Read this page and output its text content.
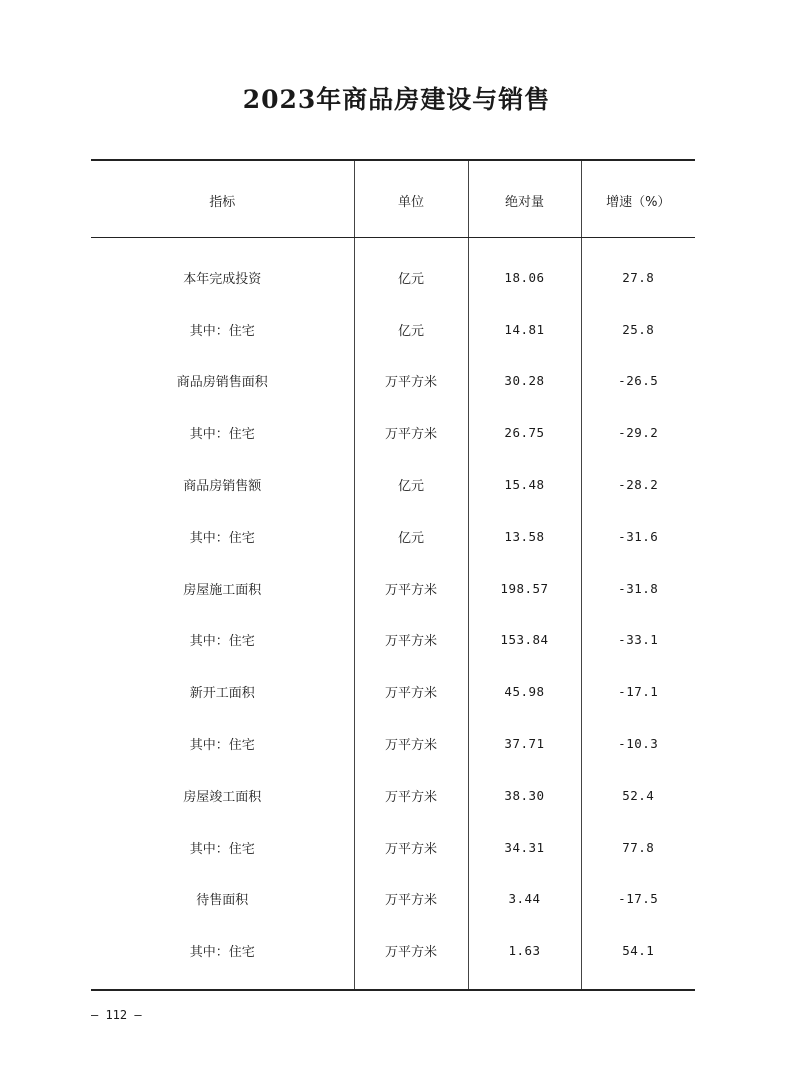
2023年商品房建设与销售
指标	单位	绝对量	增速（%）

本年完成投资	亿元	18.06	27.8
其中：住宅	亿元	14.81	25.8
商品房销售面积	万平方米	30.28	-26.5
其中：住宅	万平方米	26.75	-29.2
商品房销售额	亿元	15.48	-28.2
其中：住宅	亿元	13.58	-31.6
房屋施工面积	万平方米	198.57	-31.8
其中：住宅	万平方米	153.84	-33.1
新开工面积	万平方米	45.98	-17.1
其中：住宅	万平方米	37.71	-10.3
房屋竣工面积	万平方米	38.30	52.4
其中：住宅	万平方米	34.31	77.8
待售面积	万平方米	3.44	-17.5
其中：住宅	万平方米	1.63	54.1

– 112 –
